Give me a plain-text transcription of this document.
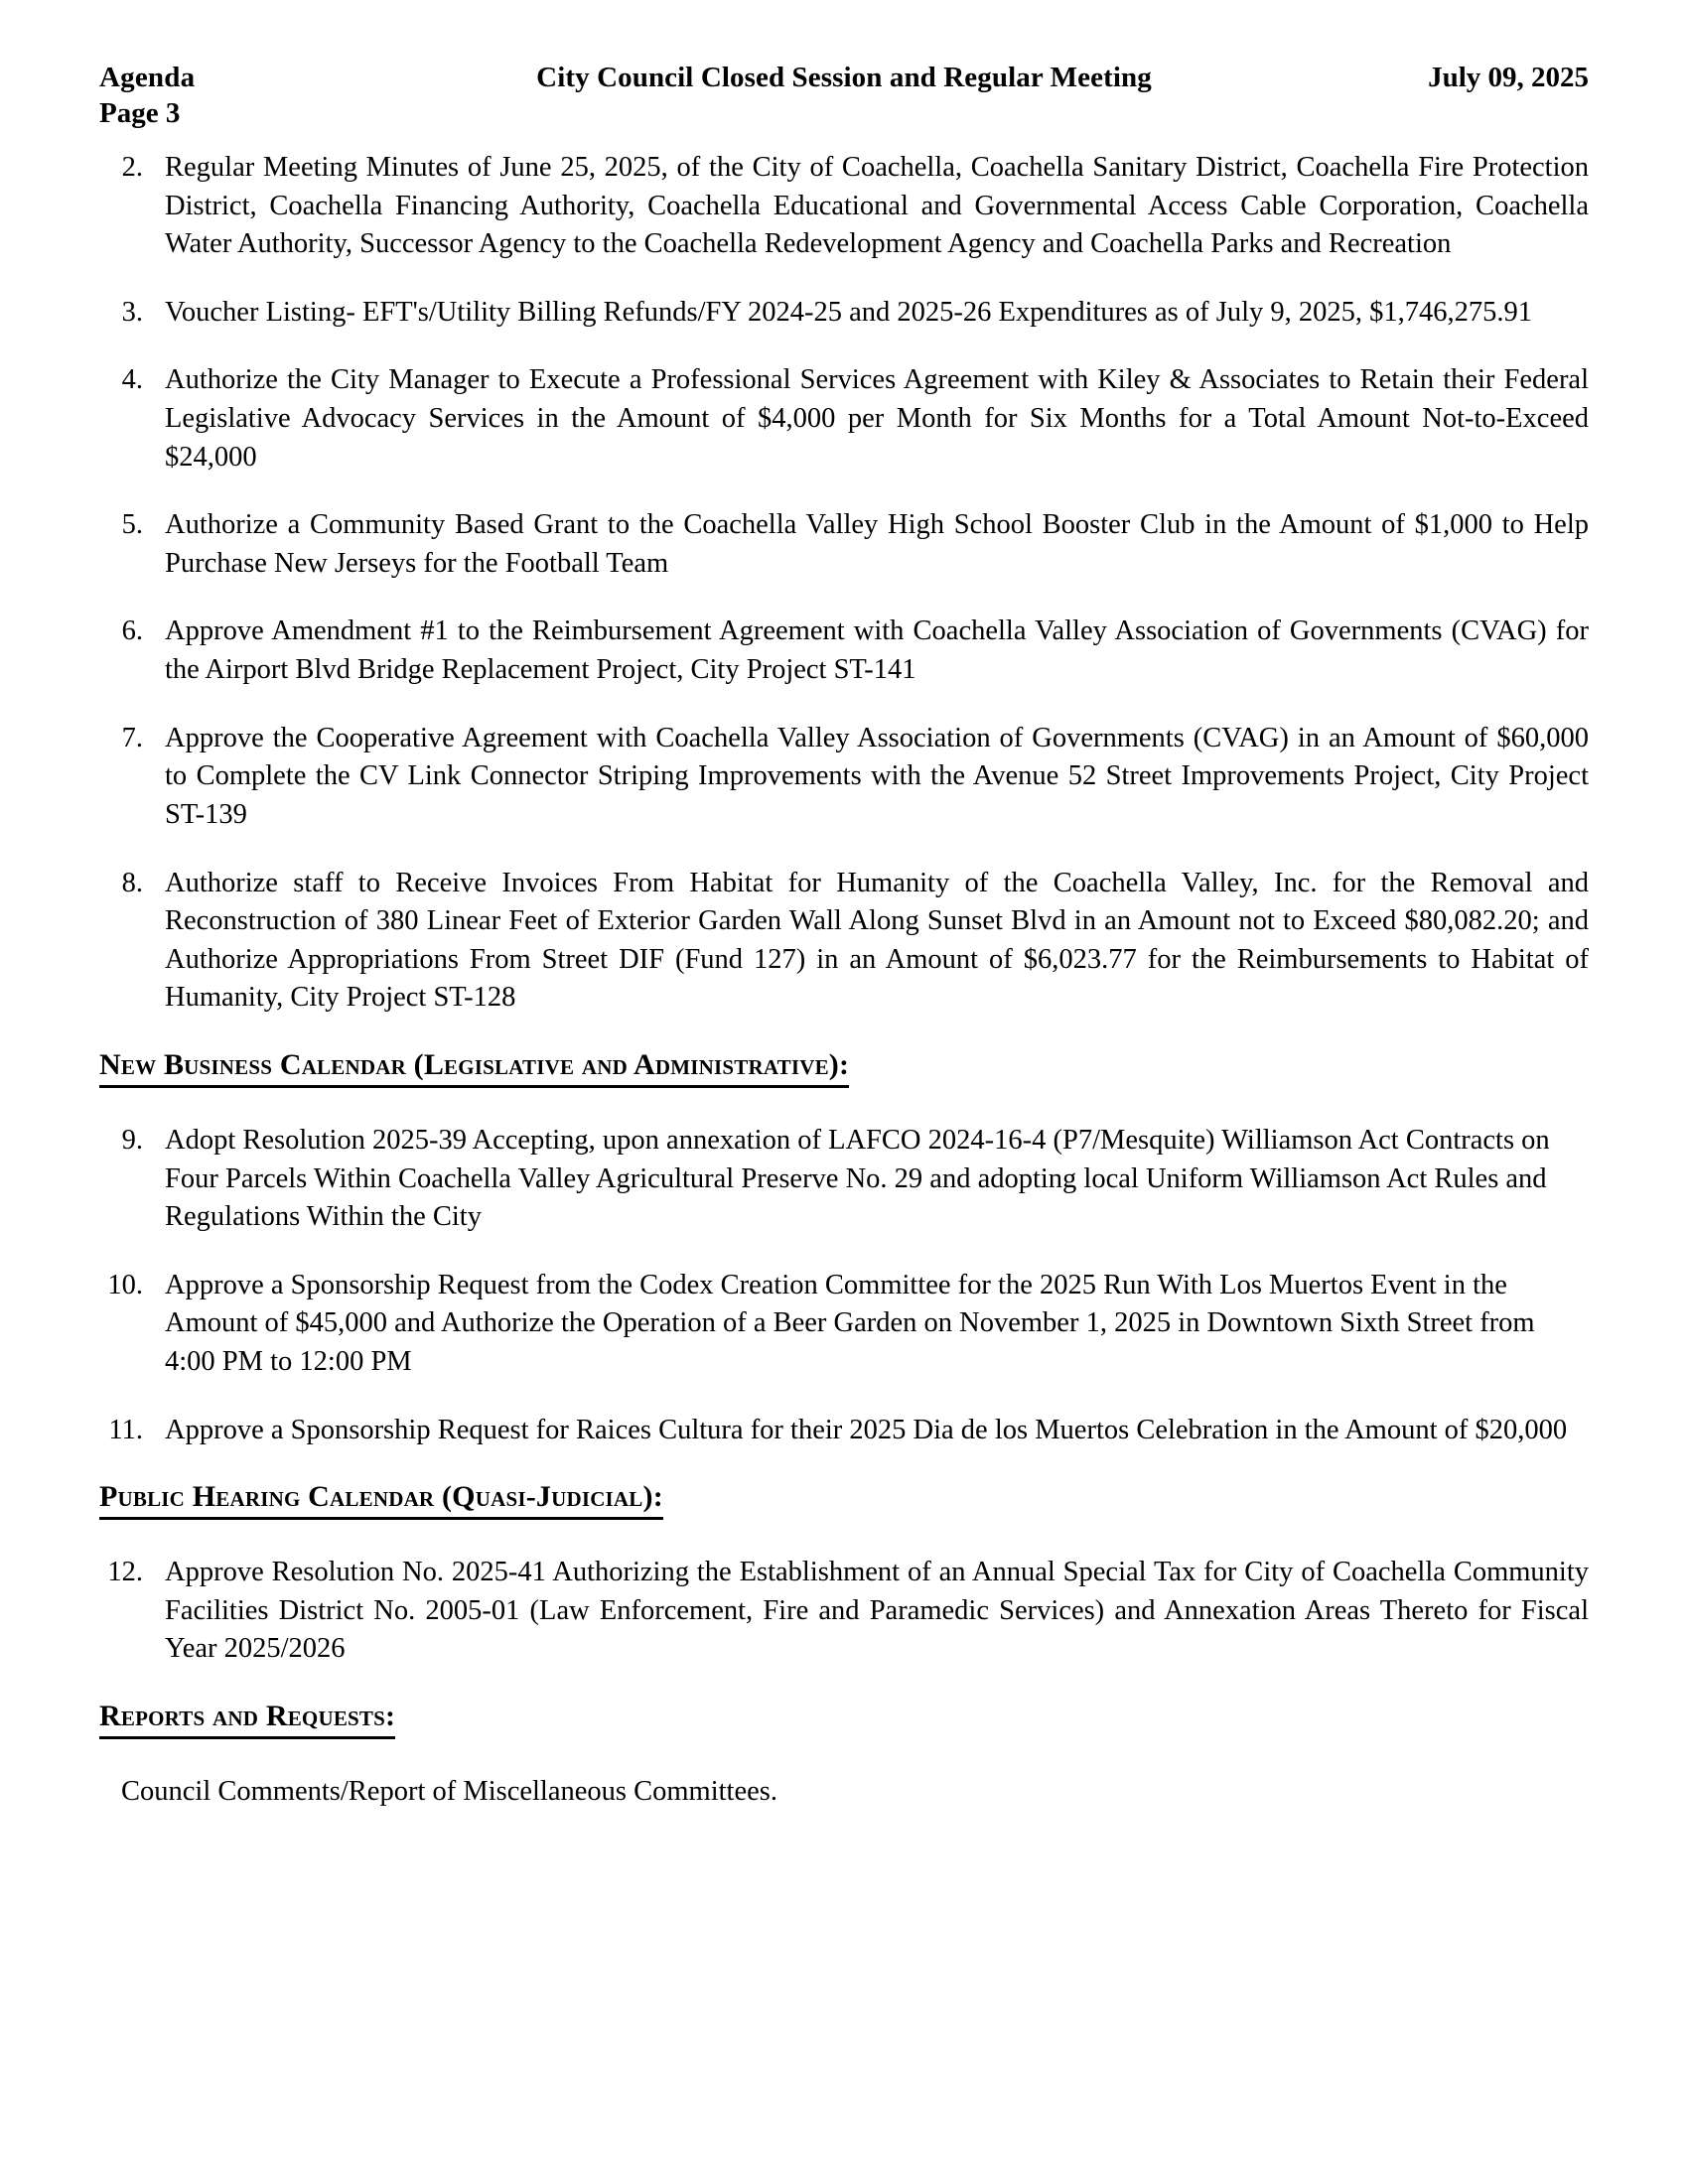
Agenda	City Council Closed Session and Regular Meeting	July 09, 2025
Page 3
2. Regular Meeting Minutes of June 25, 2025, of the City of Coachella, Coachella Sanitary District, Coachella Fire Protection District, Coachella Financing Authority, Coachella Educational and Governmental Access Cable Corporation, Coachella Water Authority, Successor Agency to the Coachella Redevelopment Agency and Coachella Parks and Recreation
3. Voucher Listing- EFT's/Utility Billing Refunds/FY 2024-25 and 2025-26 Expenditures as of July 9, 2025, $1,746,275.91
4. Authorize the City Manager to Execute a Professional Services Agreement with Kiley & Associates to Retain their Federal Legislative Advocacy Services in the Amount of $4,000 per Month for Six Months for a Total Amount Not-to-Exceed $24,000
5. Authorize a Community Based Grant to the Coachella Valley High School Booster Club in the Amount of $1,000 to Help Purchase New Jerseys for the Football Team
6. Approve Amendment #1 to the Reimbursement Agreement with Coachella Valley Association of Governments (CVAG) for the Airport Blvd Bridge Replacement Project, City Project ST-141
7. Approve the Cooperative Agreement with Coachella Valley Association of Governments (CVAG) in an Amount of $60,000 to Complete the CV Link Connector Striping Improvements with the Avenue 52 Street Improvements Project, City Project ST-139
8. Authorize staff to Receive Invoices From Habitat for Humanity of the Coachella Valley, Inc. for the Removal and Reconstruction of 380 Linear Feet of Exterior Garden Wall Along Sunset Blvd in an Amount not to Exceed $80,082.20; and Authorize Appropriations From Street DIF (Fund 127) in an Amount of $6,023.77 for the Reimbursements to Habitat of Humanity, City Project ST-128
New Business Calendar (Legislative and Administrative):
9. Adopt Resolution 2025-39 Accepting, upon annexation of LAFCO 2024-16-4 (P7/Mesquite) Williamson Act Contracts on Four Parcels Within Coachella Valley Agricultural Preserve No. 29 and adopting local Uniform Williamson Act Rules and Regulations Within the City
10. Approve a Sponsorship Request from the Codex Creation Committee for the 2025 Run With Los Muertos Event in the Amount of $45,000 and Authorize the Operation of a Beer Garden on November 1, 2025 in Downtown Sixth Street from 4:00 PM to 12:00 PM
11. Approve a Sponsorship Request for Raices Cultura for their 2025 Dia de los Muertos Celebration in the Amount of $20,000
Public Hearing Calendar (Quasi-Judicial):
12. Approve Resolution No. 2025-41 Authorizing the Establishment of an Annual Special Tax for City of Coachella Community Facilities District No. 2005-01 (Law Enforcement, Fire and Paramedic Services) and Annexation Areas Thereto for Fiscal Year 2025/2026
Reports and Requests:
Council Comments/Report of Miscellaneous Committees.
